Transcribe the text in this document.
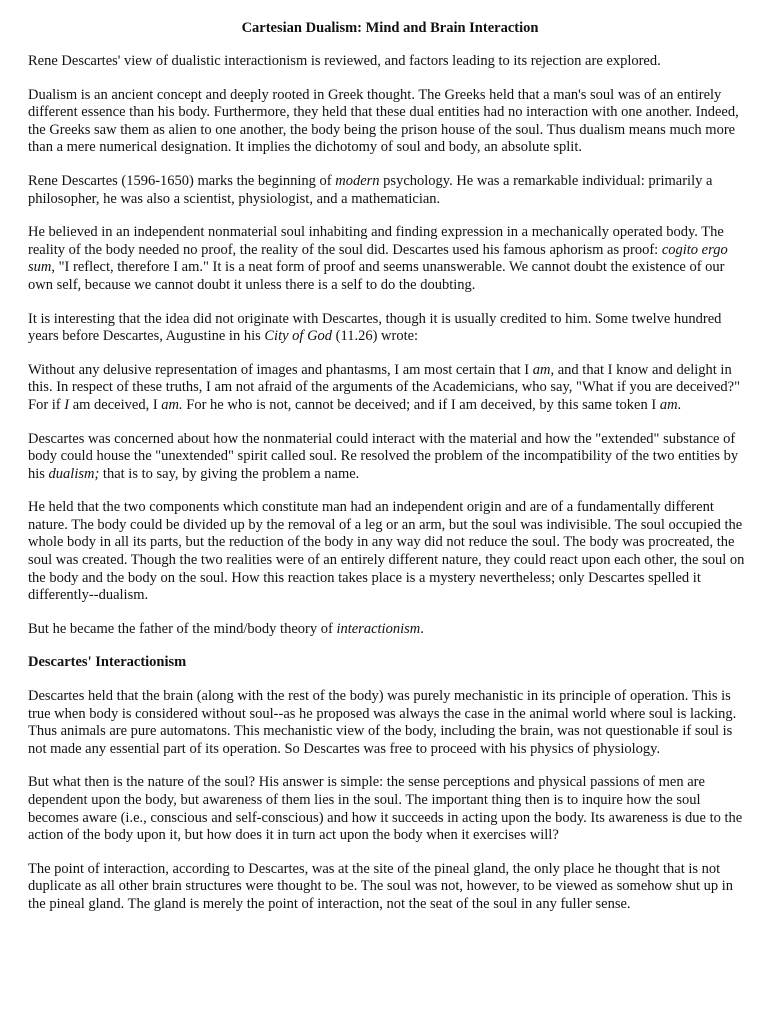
Cartesian Dualism: Mind and Brain Interaction

Rene Descartes' view of dualistic interactionism is reviewed, and factors leading to its rejection are explored.

Dualism is an ancient concept and deeply rooted in Greek thought. The Greeks held that a man's soul was of an entirely different essence than his body. Furthermore, they held that these dual entities had no interaction with one another. Indeed, the Greeks saw them as alien to one another, the body being the prison house of the soul. Thus dualism means much more than a mere numerical designation. It implies the dichotomy of soul and body, an absolute split.

Rene Descartes (1596-1650) marks the beginning of modern psychology. He was a remarkable individual: primarily a philosopher, he was also a scientist, physiologist, and a mathematician.

He believed in an independent nonmaterial soul inhabiting and finding expression in a mechanically operated body. The reality of the body needed no proof, the reality of the soul did. Descartes used his famous aphorism as proof: cogito ergo sum, "I reflect, therefore I am." It is a neat form of proof and seems unanswerable. We cannot doubt the existence of our own self, because we cannot doubt it unless there is a self to do the doubting.

It is interesting that the idea did not originate with Descartes, though it is usually credited to him. Some twelve hundred years before Descartes, Augustine in his City of God (11.26) wrote:

Without any delusive representation of images and phantasms, I am most certain that I am, and that I know and delight in this. In respect of these truths, I am not afraid of the arguments of the Academicians, who say, "What if you are deceived?" For if I am deceived, I am. For he who is not, cannot be deceived; and if I am deceived, by this same token I am.

Descartes was concerned about how the nonmaterial could interact with the material and how the "extended" substance of body could house the "unextended" spirit called soul. Re resolved the problem of the incompatibility of the two entities by his dualism; that is to say, by giving the problem a name.

He held that the two components which constitute man had an independent origin and are of a fundamentally different nature. The body could be divided up by the removal of a leg or an arm, but the soul was indivisible. The soul occupied the whole body in all its parts, but the reduction of the body in any way did not reduce the soul. The body was procreated, the soul was created. Though the two realities were of an entirely different nature, they could react upon each other, the soul on the body and the body on the soul. How this reaction takes place is a mystery nevertheless; only Descartes spelled it differently--dualism.

But he became the father of the mind/body theory of interactionism.

Descartes' Interactionism

Descartes held that the brain (along with the rest of the body) was purely mechanistic in its principle of operation. This is true when body is considered without soul--as he proposed was always the case in the animal world where soul is lacking. Thus animals are pure automatons. This mechanistic view of the body, including the brain, was not questionable if soul is not made any essential part of its operation. So Descartes was free to proceed with his physics of physiology.

But what then is the nature of the soul? His answer is simple: the sense perceptions and physical passions of men are dependent upon the body, but awareness of them lies in the soul. The important thing then is to inquire how the soul becomes aware (i.e., conscious and self-conscious) and how it succeeds in acting upon the body. Its awareness is due to the action of the body upon it, but how does it in turn act upon the body when it exercises will?

The point of interaction, according to Descartes, was at the site of the pineal gland, the only place he thought that is not duplicate as all other brain structures were thought to be. The soul was not, however, to be viewed as somehow shut up in the pineal gland. The gland is merely the point of interaction, not the seat of the soul in any fuller sense.
